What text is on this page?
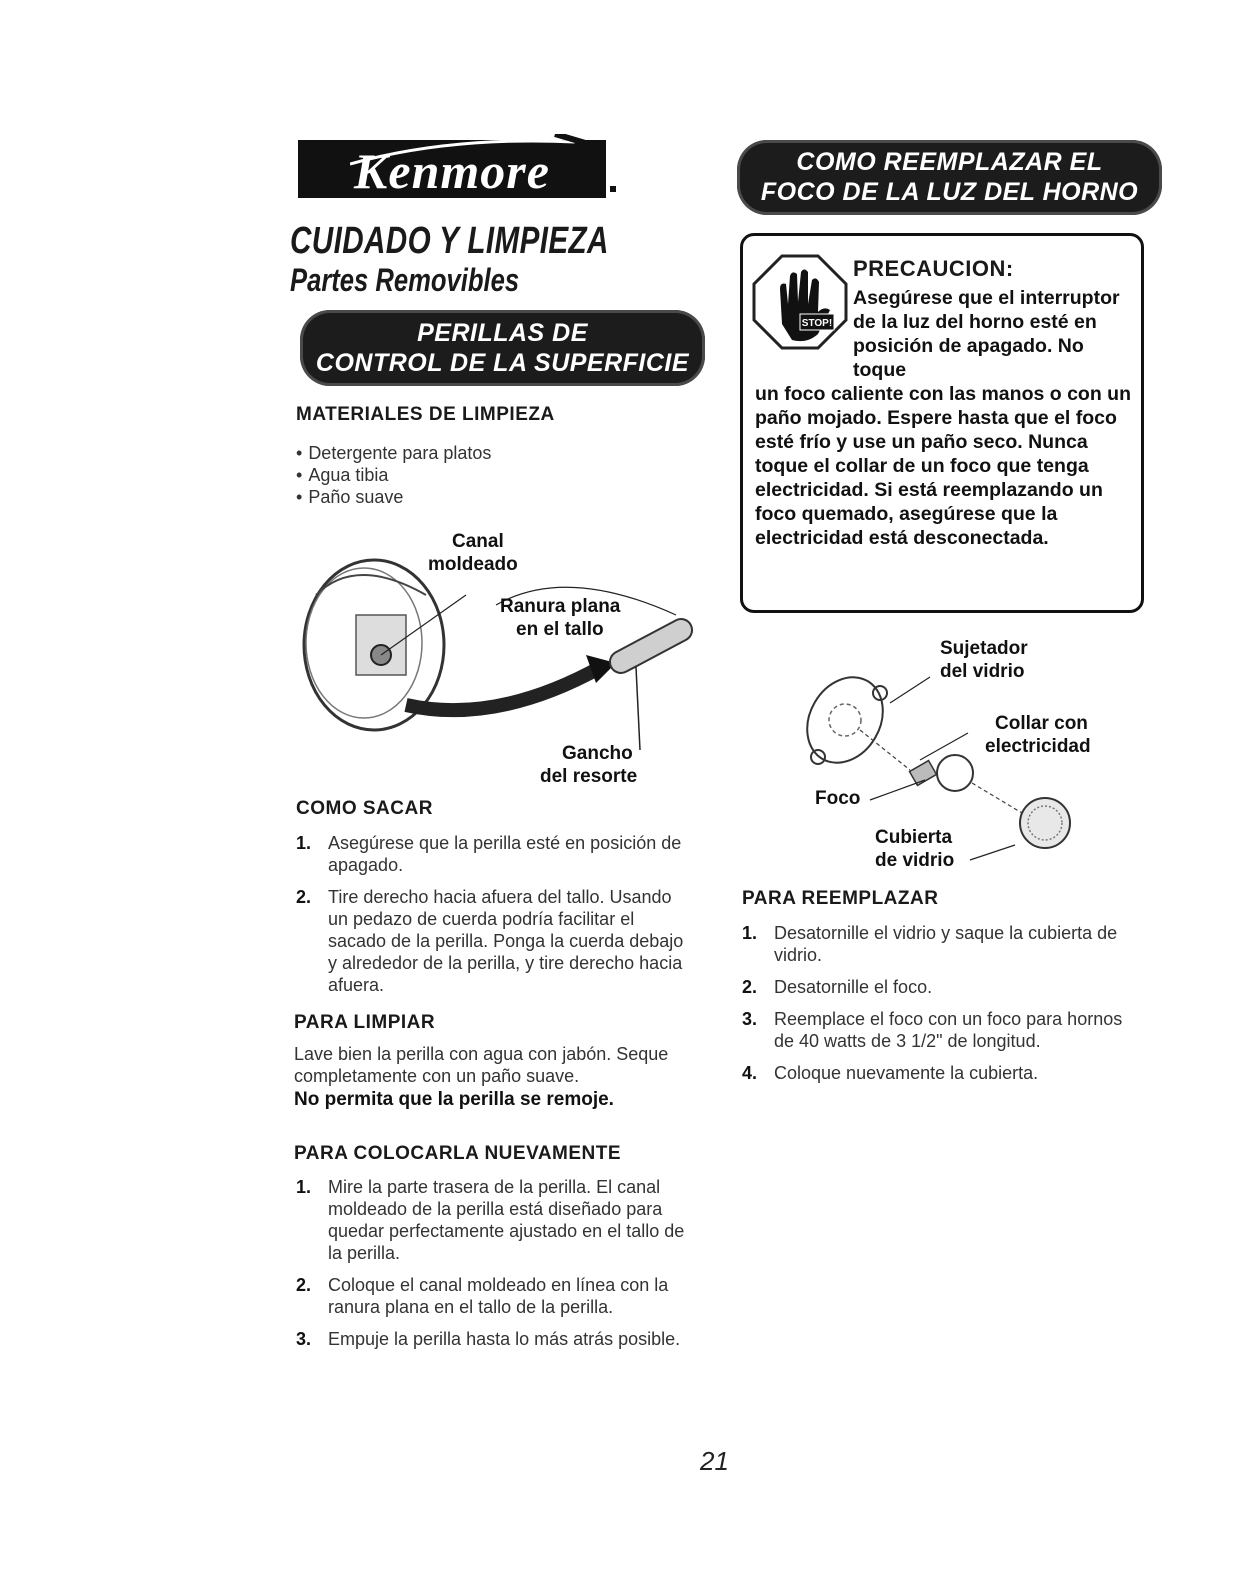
Kenmore
CUIDADO Y LIMPIEZA
Partes Removibles
PERILLAS DE
CONTROL DE LA SUPERFICIE
MATERIALES DE LIMPIEZA
• Detergente para platos
• Agua tibia
• Paño suave
Canal
moldeado
Ranura plana
en el tallo
Gancho
del resorte
COMO SACAR
1. Asegúrese que la perilla esté en posición de apagado.
2. Tire derecho hacia afuera del tallo. Usando un pedazo de cuerda podría facilitar el sacado de la perilla. Ponga la cuerda debajo y alrededor de la perilla, y tire derecho hacia afuera.
PARA LIMPIAR
Lave bien la perilla con agua con jabón. Seque completamente con un paño suave.
No permita que la perilla se remoje.
PARA COLOCARLA NUEVAMENTE
1. Mire la parte trasera de la perilla. El canal moldeado de la perilla está diseñado para quedar perfectamente ajustado en el tallo de la perilla.
2. Coloque el canal moldeado en línea con la ranura plana en el tallo de la perilla.
3. Empuje la perilla hasta lo más atrás posible.
COMO REEMPLAZAR EL
FOCO DE LA LUZ DEL HORNO
STOP!
PRECAUCION:
Asegúrese que el interruptor de la luz del horno esté en posición de apagado. No toque
un foco caliente con las manos o con un paño mojado. Espere hasta que el foco esté frío y use un paño seco. Nunca toque el collar de un foco que tenga electricidad. Si está reemplazando un foco quemado, asegúrese que la electricidad está desconectada.
Sujetador
del vidrio
Collar con
electricidad
Foco
Cubierta
de vidrio
PARA REEMPLAZAR
1. Desatornille el vidrio y saque la cubierta de vidrio.
2. Desatornille el foco.
3. Reemplace el foco con un foco para hornos de 40 watts de 3 1/2" de longitud.
4. Coloque nuevamente la cubierta.
21
